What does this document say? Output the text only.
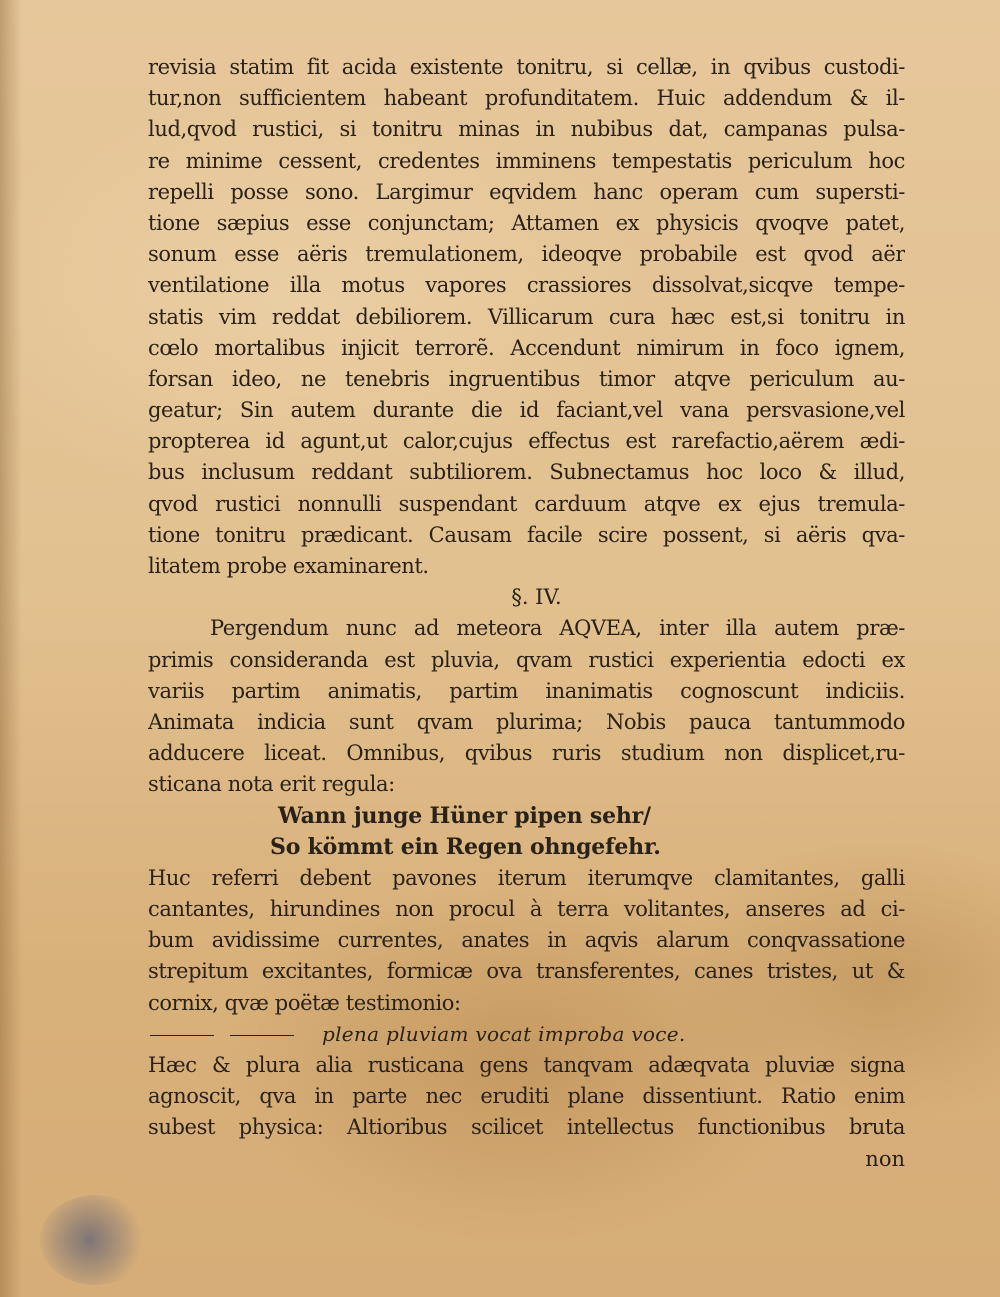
revisia statim fit acida existente tonitru, si cellæ, in qvibus custodi-
tur,non sufficientem habeant profunditatem. Huic addendum & il-
lud,qvod rustici, si tonitru minas in nubibus dat, campanas pulsa-
re minime cessent, credentes imminens tempestatis periculum hoc
repelli posse sono. Largimur eqvidem hanc operam cum supersti-
tione sæpius esse conjunctam; Attamen ex physicis qvoqve patet,
sonum esse aëris tremulationem, ideoqve probabile est qvod aër
ventilatione illa motus vapores crassiores dissolvat,sicqve tempe-
statis vim reddat debiliorem. Villicarum cura hæc est,si tonitru in
cœlo mortalibus injicit terrorẽ. Accendunt nimirum in foco ignem,
forsan ideo, ne tenebris ingruentibus timor atqve periculum au-
geatur; Sin autem durante die id faciant,vel vana persvasione,vel
propterea id agunt,ut calor,cujus effectus est rarefactio,aërem ædi-
bus inclusum reddant subtiliorem. Subnectamus hoc loco & illud,
qvod rustici nonnulli suspendant carduum atqve ex ejus tremula-
tione tonitru prædicant. Causam facile scire possent, si aëris qva-
litatem probe examinarent.
§. IV.
Pergendum nunc ad meteora AQVEA, inter illa autem præ-
primis consideranda est pluvia, qvam rustici experientia edocti ex
variis partim animatis, partim inanimatis cognoscunt indiciis.
Animata indicia sunt qvam plurima; Nobis pauca tantummodo
adducere liceat. Omnibus, qvibus ruris studium non displicet,ru-
sticana nota erit regula:
Wann junge Hüner pipen sehr/
So kömmt ein Regen ohngefehr.
Huc referri debent pavones iterum iterumqve clamitantes, galli
cantantes, hirundines non procul à terra volitantes, anseres ad ci-
bum avidissime currentes, anates in aqvis alarum conqvassatione
strepitum excitantes, formicæ ova transferentes, canes tristes, ut &
cornix, qvæ poëtæ testimonio:
plena pluviam vocat improba voce.
Hæc & plura alia rusticana gens tanqvam adæqvata pluviæ signa
agnoscit, qva in parte nec eruditi plane dissentiunt. Ratio enim
subest physica: Altioribus scilicet intellectus functionibus bruta
non
